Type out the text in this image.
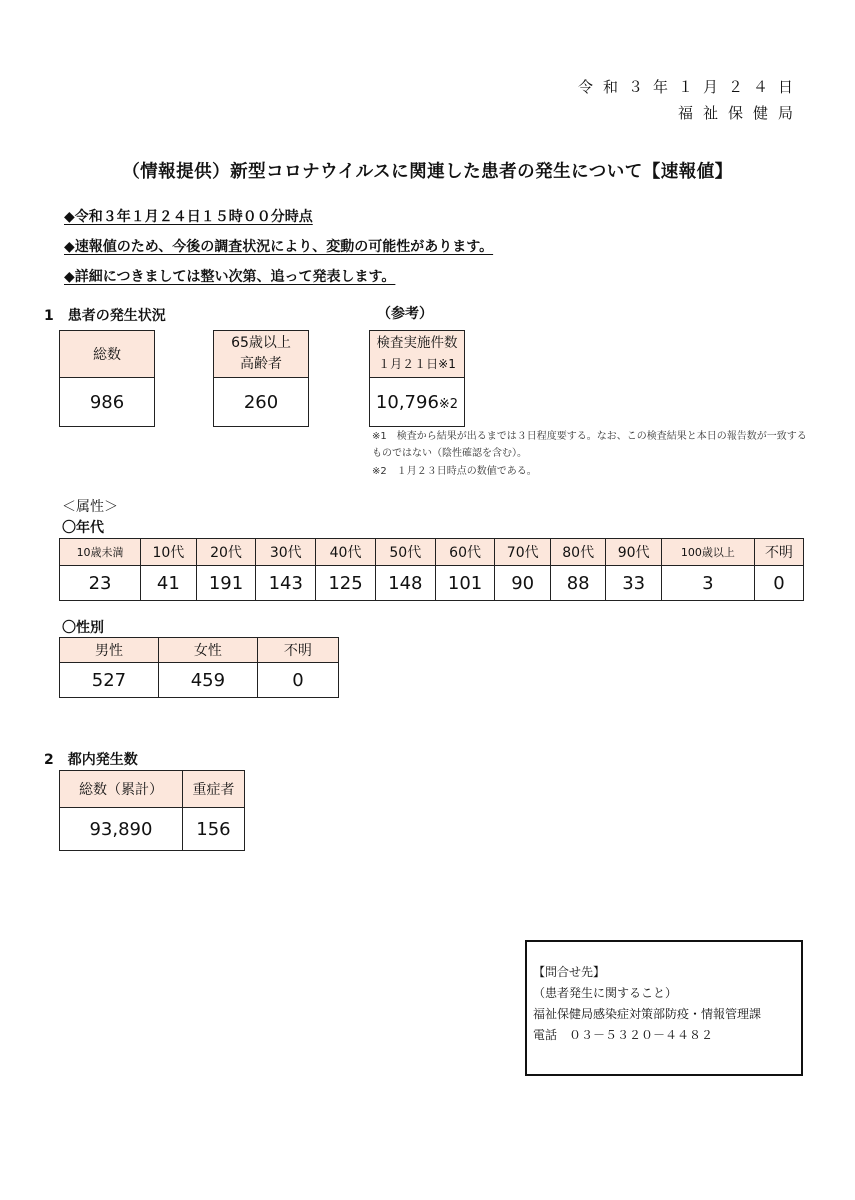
令和３年１月２４日
福祉保健局
（情報提供）新型コロナウイルスに関連した患者の発生について【速報値】
◆令和３年１月２４日１５時００分時点
◆速報値のため、今後の調査状況により、変動の可能性があります。
◆詳細につきましては整い次第、追って発表します。
1　患者の発生状況	（参考）
総数
986
65歳以上
高齢者

260
検査実施件数
１月２１日※1

10,796※2
※1　検査から結果が出るまでは３日程度要する。なお、この検査結果と本日の報告数が一致する
ものではない（陰性確認を含む）。
※2　１月２３日時点の数値である。
＜属性＞
〇年代
10歳未満	10代	20代	30代	40代	50代	60代	70代	80代	90代	100歳以上	不明
23	41	191	143	125	148	101	90	88	33	3	0
〇性別
男性	女性	不明
527	459	0
2　都内発生数
総数（累計）	重症者
93,890	156
【問合せ先】
（患者発生に関すること）
福祉保健局感染症対策部防疫・情報管理課
電話　０３－５３２０－４４８２
